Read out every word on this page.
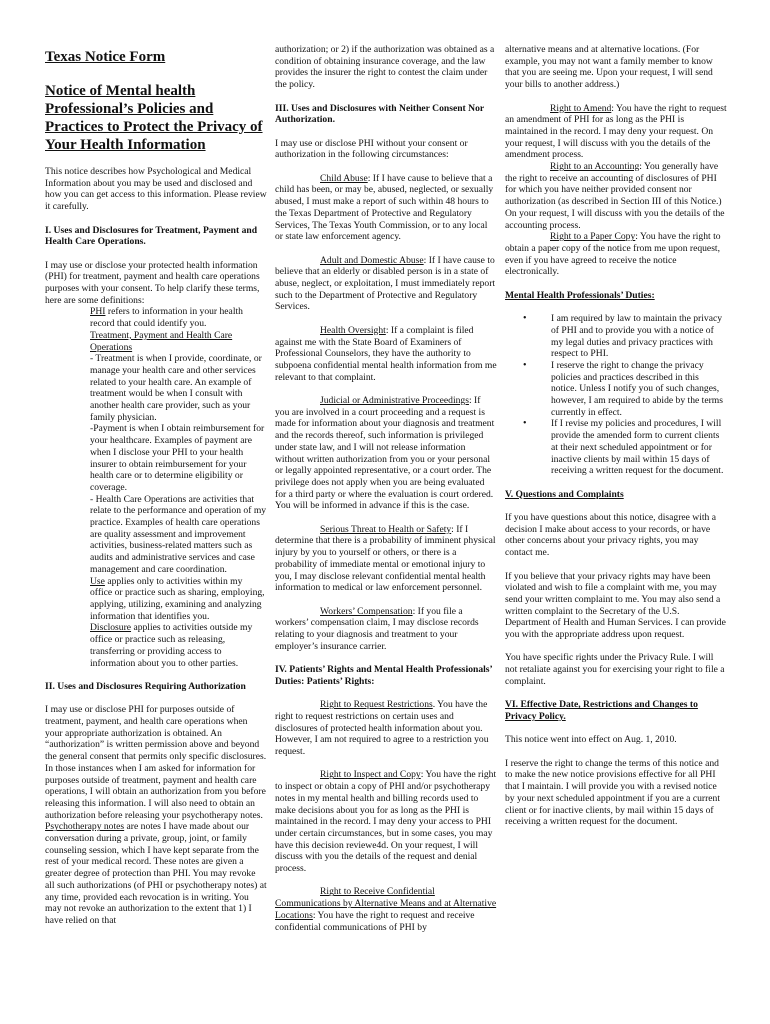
Texas Notice Form
Notice of Mental health Professional’s Policies and Practices to Protect the Privacy of Your Health Information

This notice describes how Psychological and Medical Information about you may be used and disclosed and how you can get access to this information. Please review it carefully.

I. Uses and Disclosures for Treatment, Payment and Health Care Operations.

I may use or disclose your protected health information (PHI) for treatment, payment and health care operations purposes with your consent. To help clarify these terms, here are some definitions:

PHI refers to information in your health record that could identify you.

Treatment, Payment and Health Care Operations

- Treatment is when I provide, coordinate, or manage your health care and other services related to your health care. An example of treatment would be when I consult with another health care provider, such as your family physician.

-Payment is when I obtain reimbursement for your healthcare. Examples of payment are when I disclose your PHI to your health insurer to obtain reimbursement for your health care or to determine eligibility or coverage.

- Health Care Operations are activities that relate to the performance and operation of my practice. Examples of health care operations are quality assessment and improvement activities, business-related matters such as audits and administrative services and case management and care coordination.

Use applies only to activities within my office or practice such as sharing, employing, applying, utilizing, examining and analyzing information that identifies you.

Disclosure applies to activities outside my office or practice such as releasing, transferring or providing access to information about you to other parties.

II. Uses and Disclosures Requiring Authorization

I may use or disclose PHI for purposes outside of treatment, payment, and health care operations when your appropriate authorization is obtained. An “authorization” is written permission above and beyond the general consent that permits only specific disclosures. In those instances when I am asked for information for purposes outside of treatment, payment and health care operations, I will obtain an authorization from you before releasing this information. I will also need to obtain an authorization before releasing your psychotherapy notes. Psychotherapy notes are notes I have made about our conversation during a private, group, joint, or family counseling session, which I have kept separate from the rest of your medical record. These notes are given a greater degree of protection than PHI. You may revoke all such authorizations (of PHI or psychotherapy notes) at any time, provided each revocation is in writing. You may not revoke an authorization to the extent that 1) I have relied on that

authorization; or 2) if the authorization was obtained as a condition of obtaining insurance coverage, and the law provides the insurer the right to contest the claim under the policy.

III. Uses and Disclosures with Neither Consent Nor Authorization.

I may use or disclose PHI without your consent or authorization in the following circumstances:

Child Abuse: If I have cause to believe that a child has been, or may be, abused, neglected, or sexually abused, I must make a report of such within 48 hours to the Texas Department of Protective and Regulatory Services, The Texas Youth Commission, or to any local or state law enforcement agency.

Adult and Domestic Abuse: If I have cause to believe that an elderly or disabled person is in a state of abuse, neglect, or exploitation, I must immediately report such to the Department of Protective and Regulatory Services.

Health Oversight: If a complaint is filed against me with the State Board of Examiners of Professional Counselors, they have the authority to subpoena confidential mental health information from me relevant to that complaint.

Judicial or Administrative Proceedings: If you are involved in a court proceeding and a request is made for information about your diagnosis and treatment and the records thereof, such information is privileged under state law, and I will not release information without written authorization from you or your personal or legally appointed representative, or a court order. The privilege does not apply when you are being evaluated for a third party or where the evaluation is court ordered. You will be informed in advance if this is the case.

Serious Threat to Health or Safety: If I determine that there is a probability of imminent physical injury by you to yourself or others, or there is a probability of immediate mental or emotional injury to you, I may disclose relevant confidential mental health information to medical or law enforcement personnel.

Workers’ Compensation: If you file a workers’ compensation claim, I may disclose records relating to your diagnosis and treatment to your employer’s insurance carrier.

IV. Patients’ Rights and Mental Health Professionals’ Duties: Patients’ Rights:

Right to Request Restrictions. You have the right to request restrictions on certain uses and disclosures of protected health information about you. However, I am not required to agree to a restriction you request.

Right to Inspect and Copy: You have the right to inspect or obtain a copy of PHI and/or psychotherapy notes in my mental health and billing records used to make decisions about you for as long as the PHI is maintained in the record. I may deny your access to PHI under certain circumstances, but in some cases, you may have this decision reviewe4d. On your request, I will discuss with you the details of the request and denial process.

Right to Receive Confidential Communications by Alternative Means and at Alternative Locations: You have the right to request and receive confidential communications of PHI by

alternative means and at alternative locations. (For example, you may not want a family member to know that you are seeing me. Upon your request, I will send your bills to another address.)

Right to Amend: You have the right to request an amendment of PHI for as long as the PHI is maintained in the record. I may deny your request. On your request, I will discuss with you the details of the amendment process.

Right to an Accounting: You generally have the right to receive an accounting of disclosures of PHI for which you have neither provided consent nor authorization (as described in Section III of this Notice.) On your request, I will discuss with you the details of the accounting process.

Right to a Paper Copy: You have the right to obtain a paper copy of the notice from me upon request, even if you have agreed to receive the notice electronically.

Mental Health Professionals’ Duties:

• I am required by law to maintain the privacy of PHI and to provide you with a notice of my legal duties and privacy practices with respect to PHI.
• I reserve the right to change the privacy policies and practices described in this notice. Unless I notify you of such changes, however, I am required to abide by the terms currently in effect.
• If I revise my policies and procedures, I will provide the amended form to current clients at their next scheduled appointment or for inactive clients by mail within 15 days of receiving a written request for the document.

V. Questions and Complaints

If you have questions about this notice, disagree with a decision I make about access to your records, or have other concerns about your privacy rights, you may contact me.

If you believe that your privacy rights may have been violated and wish to file a complaint with me, you may send your written complaint to me. You may also send a written complaint to the Secretary of the U.S. Department of Health and Human Services. I can provide you with the appropriate address upon request.

You have specific rights under the Privacy Rule. I will not retaliate against you for exercising your right to file a complaint.

VI. Effective Date, Restrictions and Changes to Privacy Policy.

This notice went into effect on Aug. 1, 2010.

I reserve the right to change the terms of this notice and to make the new notice provisions effective for all PHI that I maintain. I will provide you with a revised notice by your next scheduled appointment if you are a current client or for inactive clients, by mail within 15 days of receiving a written request for the document.
